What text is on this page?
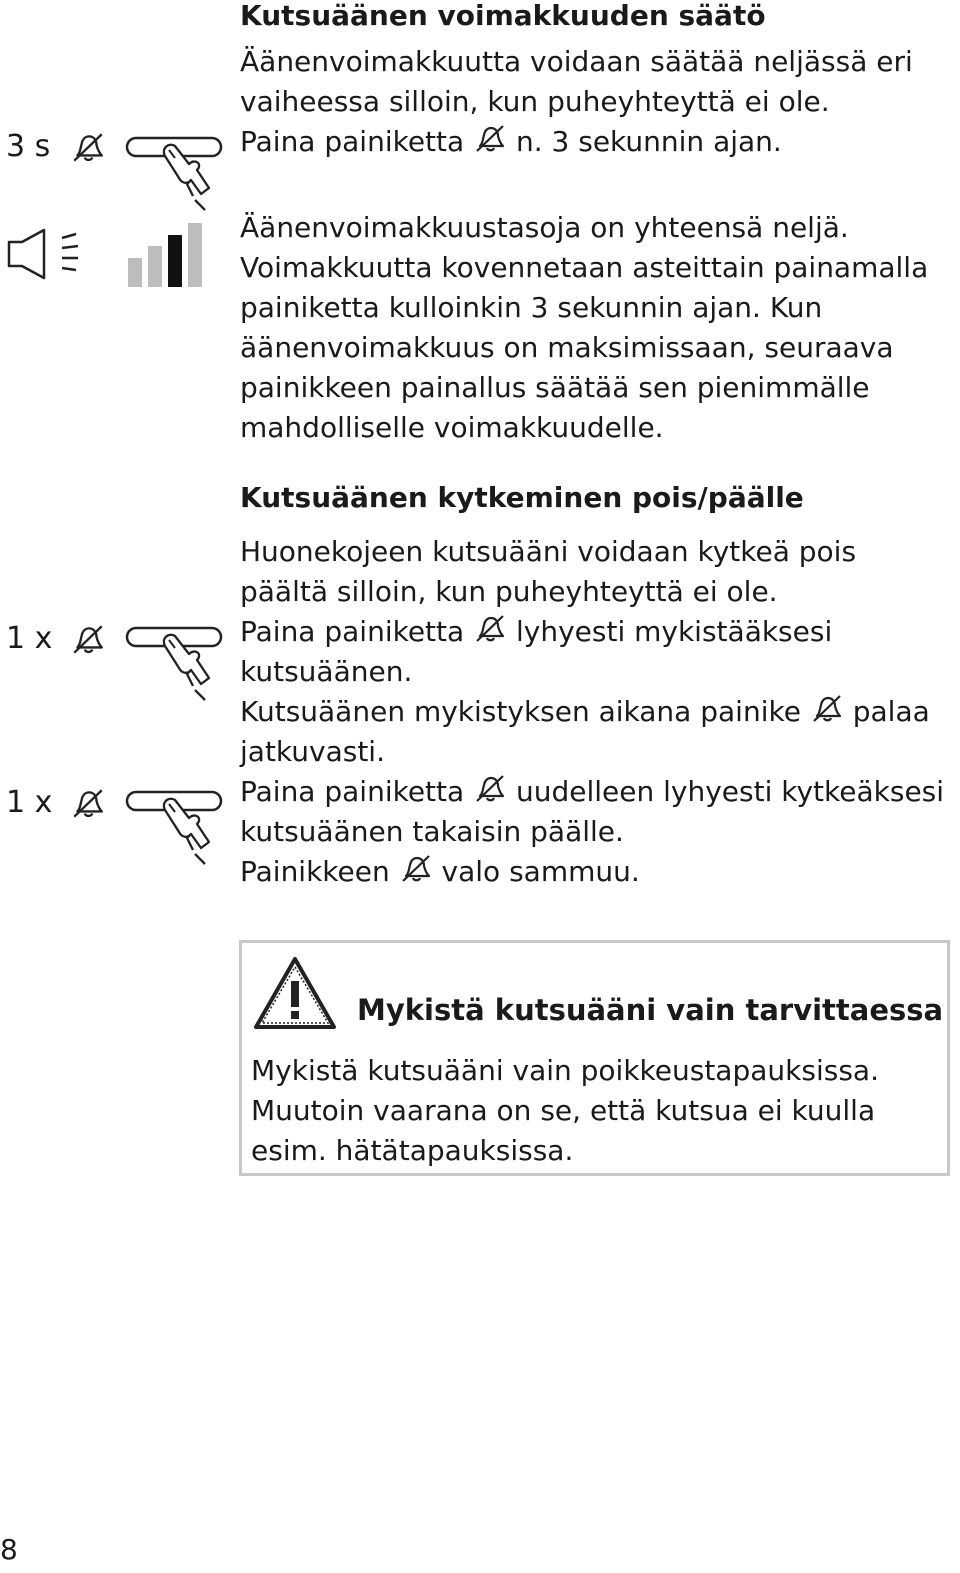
Kutsuäänen voimakkuuden säätö
Äänenvoimakkuutta voidaan säätää neljässä eri
vaiheessa silloin, kun puheyhteyttä ei ole.
Paina painiketta n. 3 sekunnin ajan.
3 s
Äänenvoimakkuustasoja on yhteensä neljä.
Voimakkuutta kovennetaan asteittain painamalla
painiketta kulloinkin 3 sekunnin ajan. Kun
äänenvoimakkuus on maksimissaan, seuraava
painikkeen painallus säätää sen pienimmälle
mahdolliselle voimakkuudelle.
Kutsuäänen kytkeminen pois/päälle
Huonekojeen kutsuääni voidaan kytkeä pois
päältä silloin, kun puheyhteyttä ei ole.
Paina painiketta lyhyesti mykistääksesi
kutsuäänen.
Kutsuäänen mykistyksen aikana painike palaa
jatkuvasti.
Paina painiketta uudelleen lyhyesti kytkeäksesi
kutsuäänen takaisin päälle.
Painikkeen valo sammuu.
1 x
1 x
Mykistä kutsuääni vain tarvittaessa
Mykistä kutsuääni vain poikkeustapauksissa.
Muutoin vaarana on se, että kutsua ei kuulla
esim. hätätapauksissa.
8
